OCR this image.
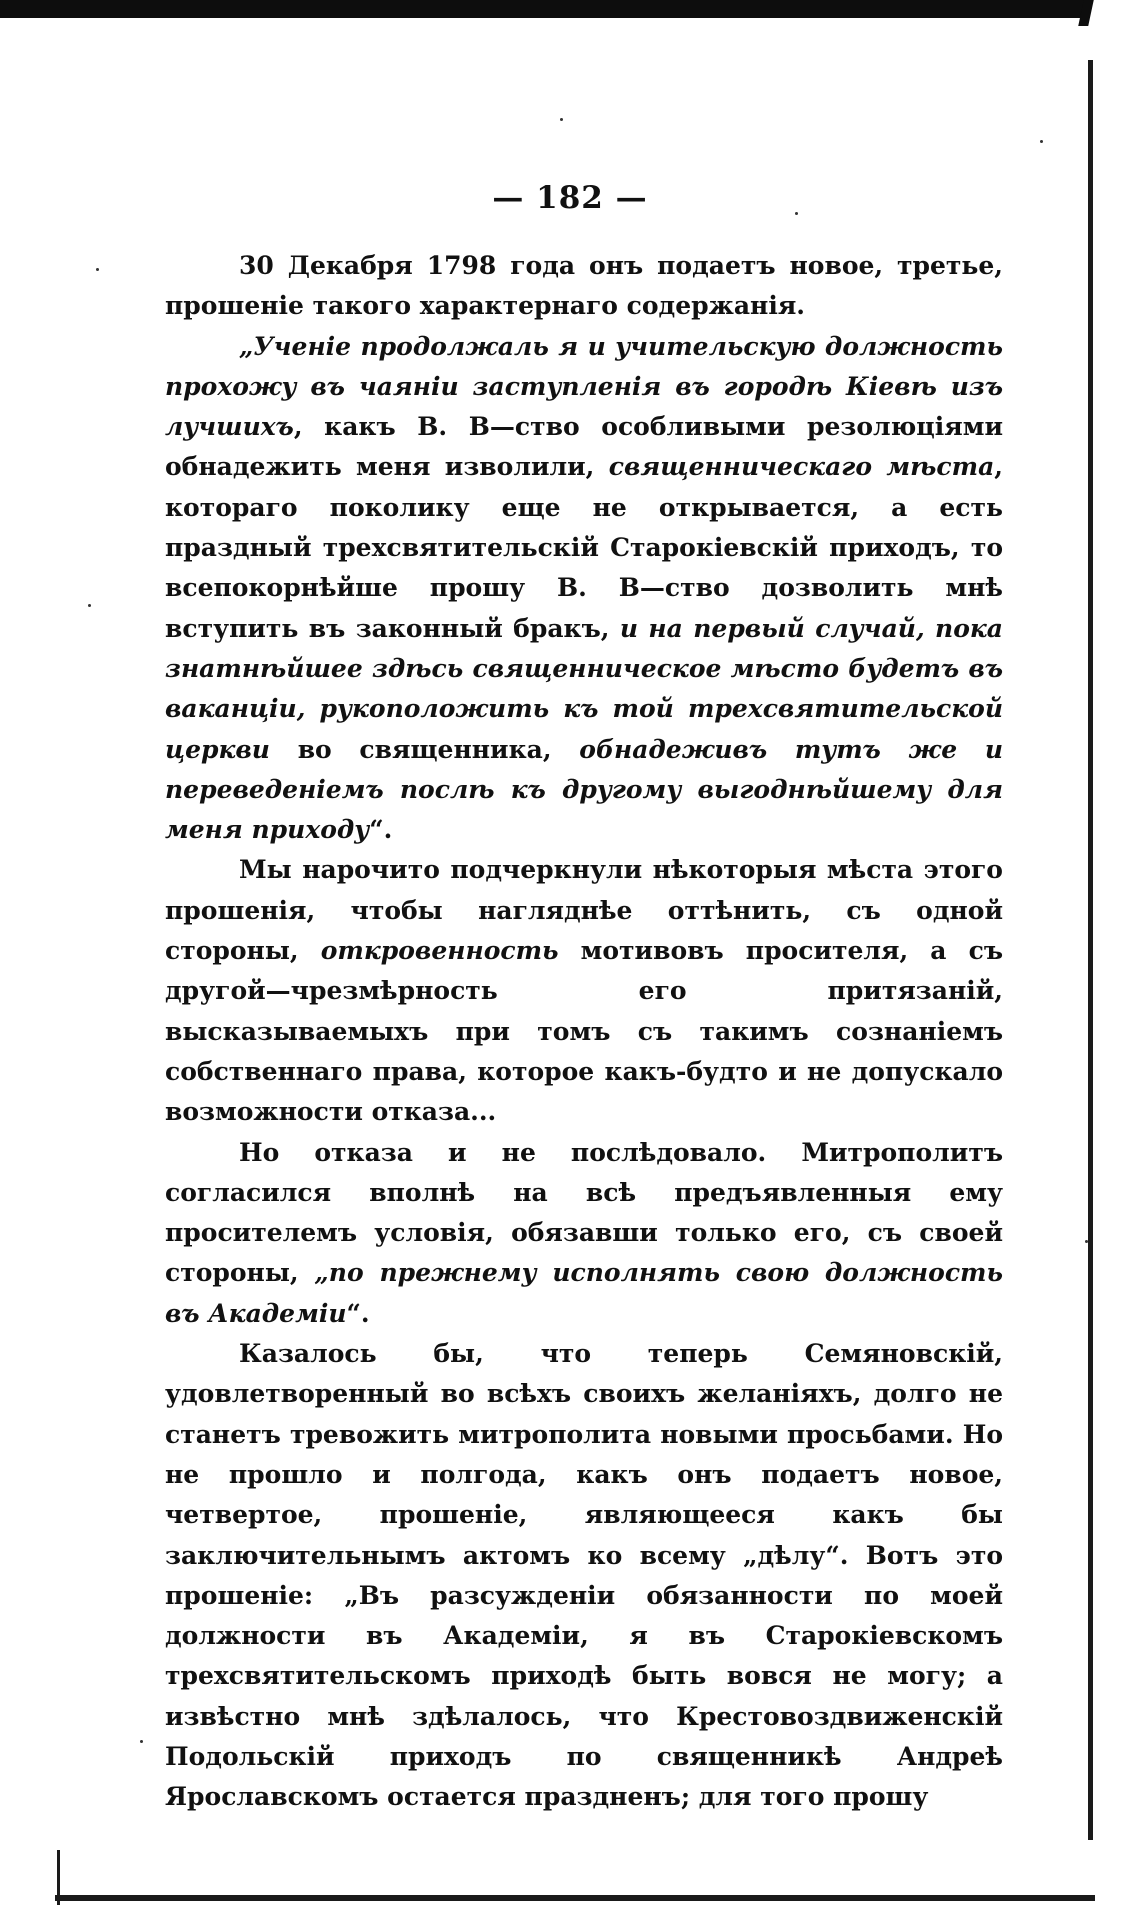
— 182 —

30 Декабря 1798 года онъ подаетъ новое, третье, прошеніе такого характернаго содержанія.

„Ученіе продолжаль я и учительскую должность прохожу въ чаяніи заступленія въ городѣ Кіевѣ изъ лучшихъ, какъ В. В—ство особливыми резолюціями обнадежить меня изволили, священническаго мѣста, котораго поколику еще не открывается, а есть праздный трехсвятительскій Старокіевскій приходъ, то всепокорнѣйше прошу В. В—ство дозволить мнѣ вступить въ законный бракъ, и на первый случай, пока знатнѣйшее здѣсь священническое мѣсто будетъ въ ваканціи, рукоположить къ той трехсвятительской церкви во священника, обнадеживъ тутъ же и переведеніемъ послѣ къ другому выгоднѣйшему для меня приходу“.

Мы нарочито подчеркнули нѣкоторыя мѣста этого прошенія, чтобы нагляднѣе оттѣнить, съ одной стороны, откровенность мотивовъ просителя, а съ другой—чрезмѣрность его притязаній, высказываемыхъ при томъ съ такимъ сознаніемъ собственнаго права, которое какъ-будто и не допускало возможности отказа...

Но отказа и не послѣдовало. Митрополитъ согласился вполнѣ на всѣ предъявленныя ему просителемъ условія, обязавши только его, съ своей стороны, „по прежнему исполнять свою должность въ Академіи“.

Казалось бы, что теперь Семяновскій, удовлетворенный во всѣхъ своихъ желаніяхъ, долго не станетъ тревожить митрополита новыми просьбами. Но не прошло и полгода, какъ онъ подаетъ новое, четвертое, прошеніе, являющееся какъ бы заключительнымъ актомъ ко всему „дѣлу“. Вотъ это прошеніе: „Въ разсужденіи обязанности по моей должности въ Академіи, я въ Старокіевскомъ трехсвятительскомъ приходѣ быть вовся не могу; а извѣстно мнѣ здѣлалось, что Крестовоздвиженскій Подольскій приходъ по священникѣ Андреѣ Ярославскомъ остается праздненъ; для того прошу
